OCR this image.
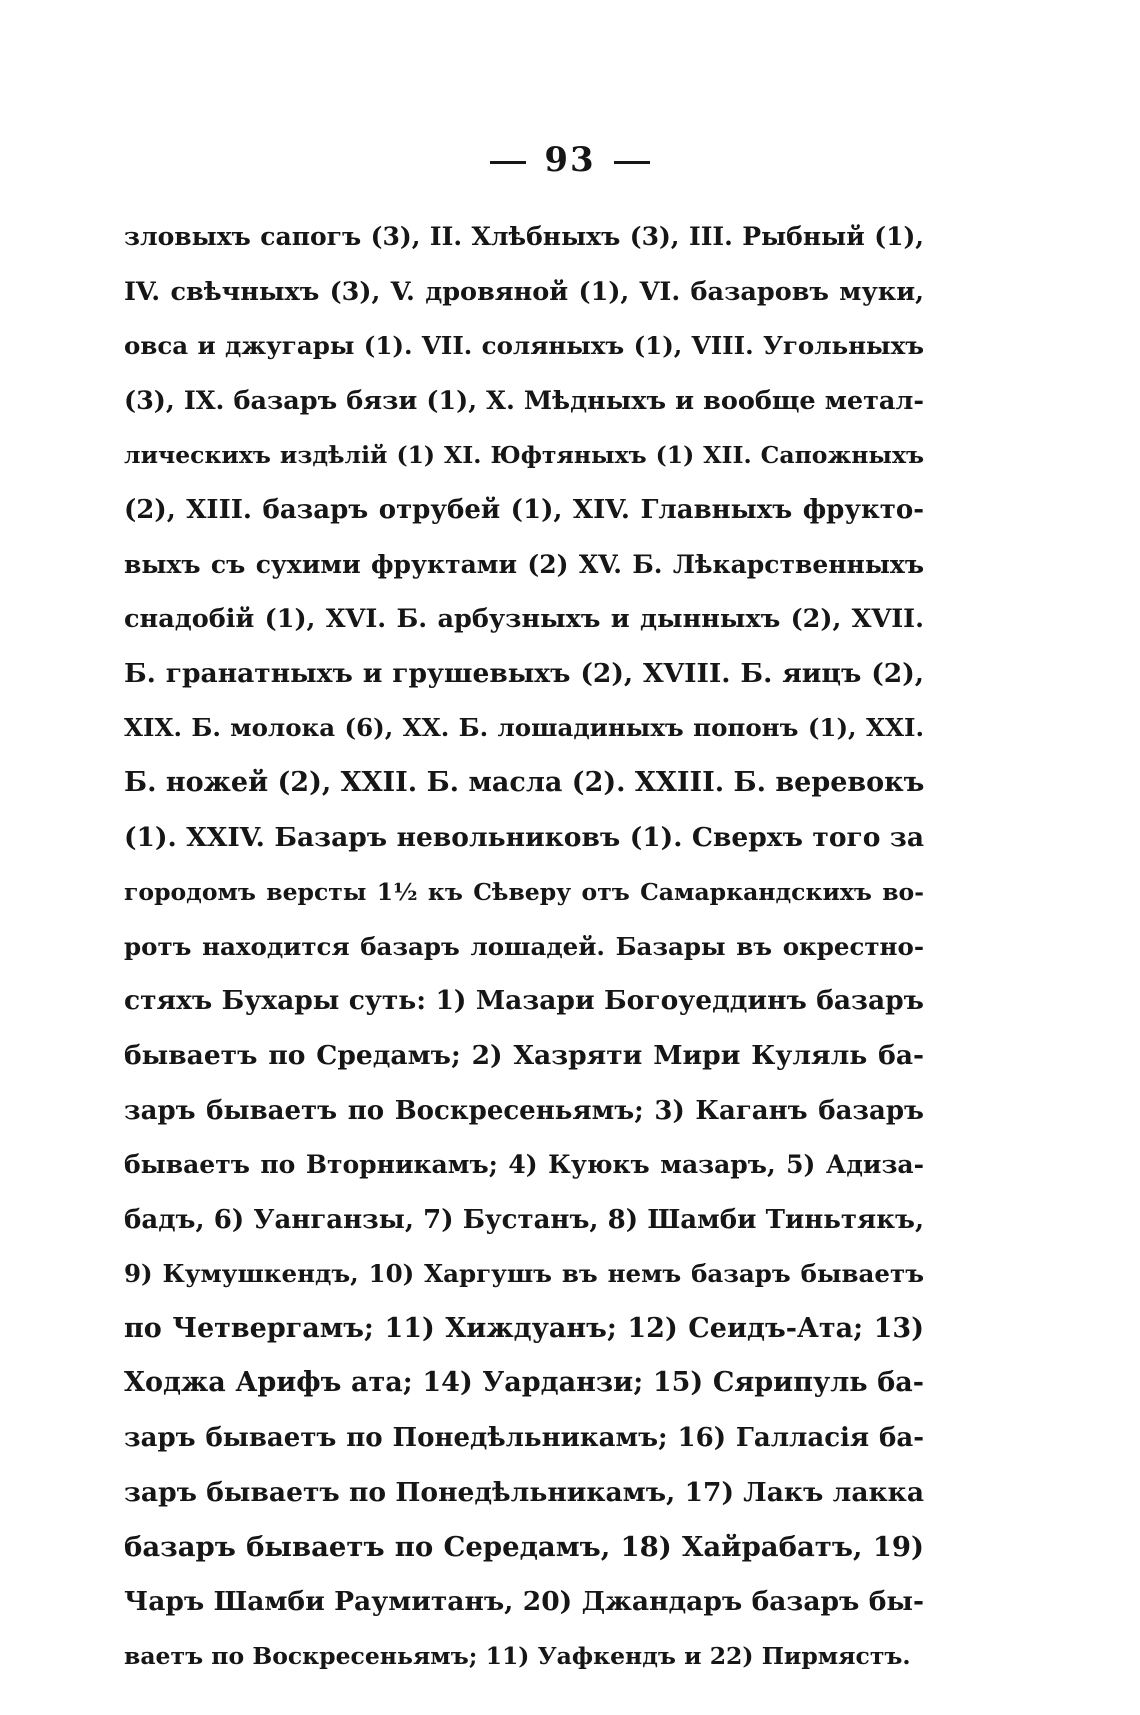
93
зловыхъ сапогъ (3), II. Хлѣбныхъ (3), III. Рыбный (1),
IV. свѣчныхъ (3), V. дровяной (1), VI. базаровъ муки,
овса и джугары (1). VII. соляныхъ (1), VIII. Угольныхъ
(3), IX. базаръ бязи (1), X. Мѣдныхъ и вообще метал-
лическихъ издѣлій (1) XI. Юфтяныхъ (1) XII. Сапожныхъ
(2), XIII. базаръ отрубей (1), XIV. Главныхъ фрукто-
выхъ съ сухими фруктами (2) XV. Б. Лѣкарственныхъ
снадобій (1), XVI. Б. арбузныхъ и дынныхъ (2), XVII.
Б. гранатныхъ и грушевыхъ (2), XVIII. Б. яицъ (2),
XIX. Б. молока (6), XX. Б. лошадиныхъ попонъ (1), XXI.
Б. ножей (2), XXII. Б. масла (2). XXIII. Б. веревокъ
(1). XXIV. Базаръ невольниковъ (1). Сверхъ того за
городомъ версты 1½ къ Сѣверу отъ Самаркандскихъ во-
ротъ находится базаръ лошадей. Базары въ окрестно-
стяхъ Бухары суть: 1) Мазари Богоуеддинъ базаръ
бываетъ по Средамъ; 2) Хазряти Мири Куляль ба-
заръ бываетъ по Воскресеньямъ; 3) Каганъ базаръ
бываетъ по Вторникамъ; 4) Куюкъ мазаръ, 5) Адиза-
бадъ, 6) Уангaнзы, 7) Бустанъ, 8) Шамби Тиньтякъ,
9) Кумушкендъ, 10) Харгушъ въ немъ базаръ бываетъ
по Четвергамъ; 11) Хиждуанъ; 12) Сеидъ-Ата; 13)
Ходжа Арифъ ата; 14) Уардaнзи; 15) Сярипуль ба-
заръ бываетъ по Понедѣльникамъ; 16) Галласія ба-
заръ бываетъ по Понедѣльникамъ, 17) Лакъ лакка
базаръ бываетъ по Середамъ, 18) Хайрабатъ, 19)
Чаръ Шамби Раумитанъ, 20) Джандаръ базаръ бы-
ваетъ по Воскресеньямъ; 11) Уафкендъ и 22) Пирмястъ.
